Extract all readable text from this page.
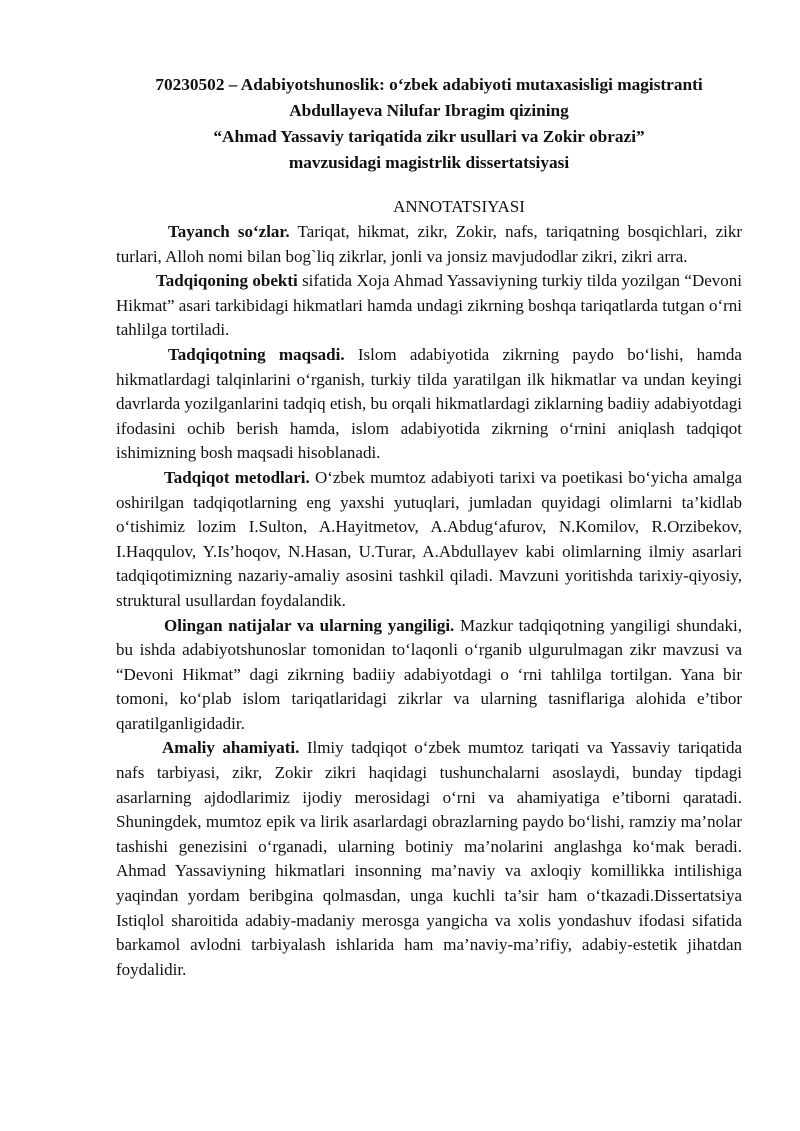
70230502 – Adabiyotshunoslik: o‘zbek adabiyoti mutaxasisligi magistranti
Abdullayeva Nilufar Ibragim qizining
“Ahmad Yassaviy tariqatida zikr usullari va Zokir obrazi”
mavzusidagi magistrlik dissertatsiyasi
ANNOTATSIYASI

Tayanch so‘zlar. Tariqat, hikmat, zikr, Zokir, nafs, tariqatning bosqichlari, zikr turlari, Alloh nomi bilan bog`liq zikrlar, jonli va jonsiz mavjudodlar zikri, zikri arra.

Tadqiqoning obekti sifatida Xoja Ahmad Yassaviyning turkiy tilda yozilgan “Devoni Hikmat” asari tarkibidagi hikmatlari hamda undagi zikrning boshqa tariqatlarda tutgan o‘rni tahlilga tortiladi.

Tadqiqotning maqsadi. Islom adabiyotida zikrning paydo bo‘lishi, hamda hikmatlardagi talqinlarini o‘rganish, turkiy tilda yaratilgan ilk hikmatlar va undan keyingi davrlarda yozilganlarini tadqiq etish, bu orqali hikmatlardagi ziklarning badiiy adabiyotdagi ifodasini ochib berish hamda, islom adabiyotida zikrning o‘rnini aniqlash tadqiqot ishimizning bosh maqsadi hisoblanadi.

Tadqiqot metodlari. O‘zbek mumtoz adabiyoti tarixi va poetikasi bo‘yicha amalga oshirilgan tadqiqotlarning eng yaxshi yutuqlari, jumladan quyidagi olimlarni ta’kidlab o‘tishimiz lozim I.Sulton, A.Hayitmetov, A.Abdug‘afurov, N.Komilov, R.Orzibekov, I.Haqqulov, Y.Is’hoqov, N.Hasan, U.Turar, A.Abdullayev kabi olimlarning ilmiy asarlari tadqiqotimizning nazariy-amaliy asosini tashkil qiladi. Mavzuni yoritishda tarixiy-qiyosiy, struktural usullardan foydalandik.

Olingan natijalar va ularning yangiligi. Mazkur tadqiqotning yangiligi shundaki, bu ishda adabiyotshunoslar tomonidan to‘laqonli o‘rganib ulgurulmagan zikr mavzusi va “Devoni Hikmat” dagi zikrning badiiy adabiyotdagi o ‘rni tahlilga tortilgan. Yana bir tomoni, ko‘plab islom tariqatlaridagi zikrlar va ularning tasniflariga alohida e’tibor qaratilganligidadir.

Amaliy ahamiyati. Ilmiy tadqiqot o‘zbek mumtoz tariqati va Yassaviy tariqatida nafs tarbiyasi, zikr, Zokir zikri haqidagi tushunchalarni asoslaydi, bunday tipdagi asarlarning ajdodlarimiz ijodiy merosidagi o‘rni va ahamiyatiga e’tiborni qaratadi. Shuningdek, mumtoz epik va lirik asarlardagi obrazlarning paydo bo‘lishi, ramziy ma’nolar tashishi genezisini o‘rganadi, ularning botiniy ma’nolarini anglashga ko‘mak beradi. Ahmad Yassaviyning hikmatlari insonning ma’naviy va axloqiy komillikka intilishiga yaqindan yordam beribgina qolmasdan, unga kuchli ta’sir ham o‘tkazadi.Dissertatsiya Istiqlol sharoitida adabiy-madaniy merosga yangicha va xolis yondashuv ifodasi sifatida barkamol avlodni tarbiyalash ishlarida ham ma’naviy-ma’rifiy, adabiy-estetik jihatdan foydalidir.
